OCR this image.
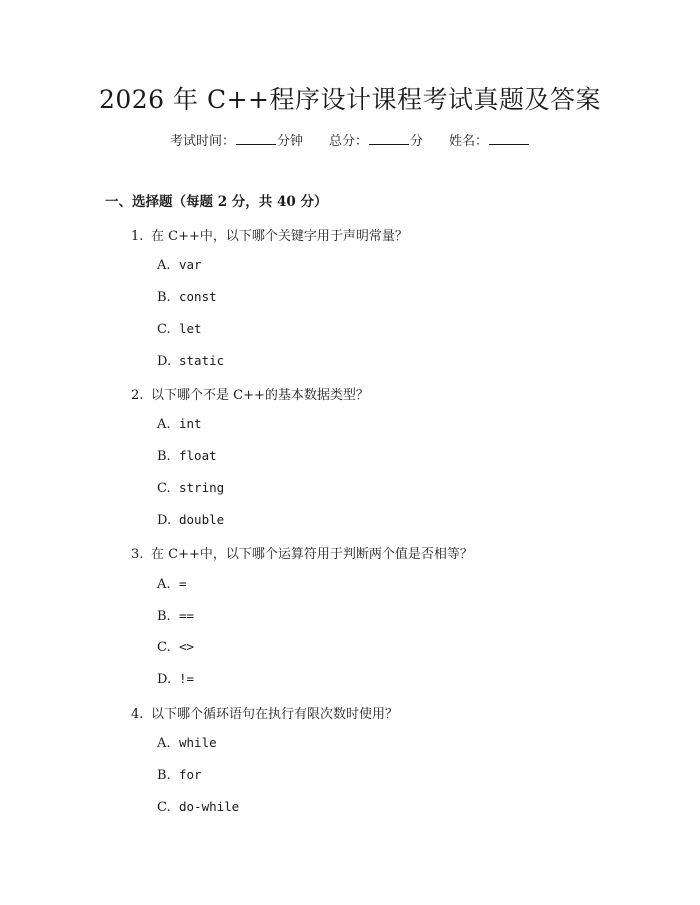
2026 年 C++程序设计课程考试真题及答案
考试时间：	分钟 总分：	分 姓名：
一、选择题（每题 2 分，共 40 分）
1. 在 C++中，以下哪个关键字用于声明常量？
A. var
B. const
C. let
D. static
2. 以下哪个不是 C++的基本数据类型？
A. int
B. float
C. string
D. double
3. 在 C++中，以下哪个运算符用于判断两个值是否相等？
A. =
B. ==
C. <>
D. !=
4. 以下哪个循环语句在执行有限次数时使用？
A. while
B. for
C. do-while
